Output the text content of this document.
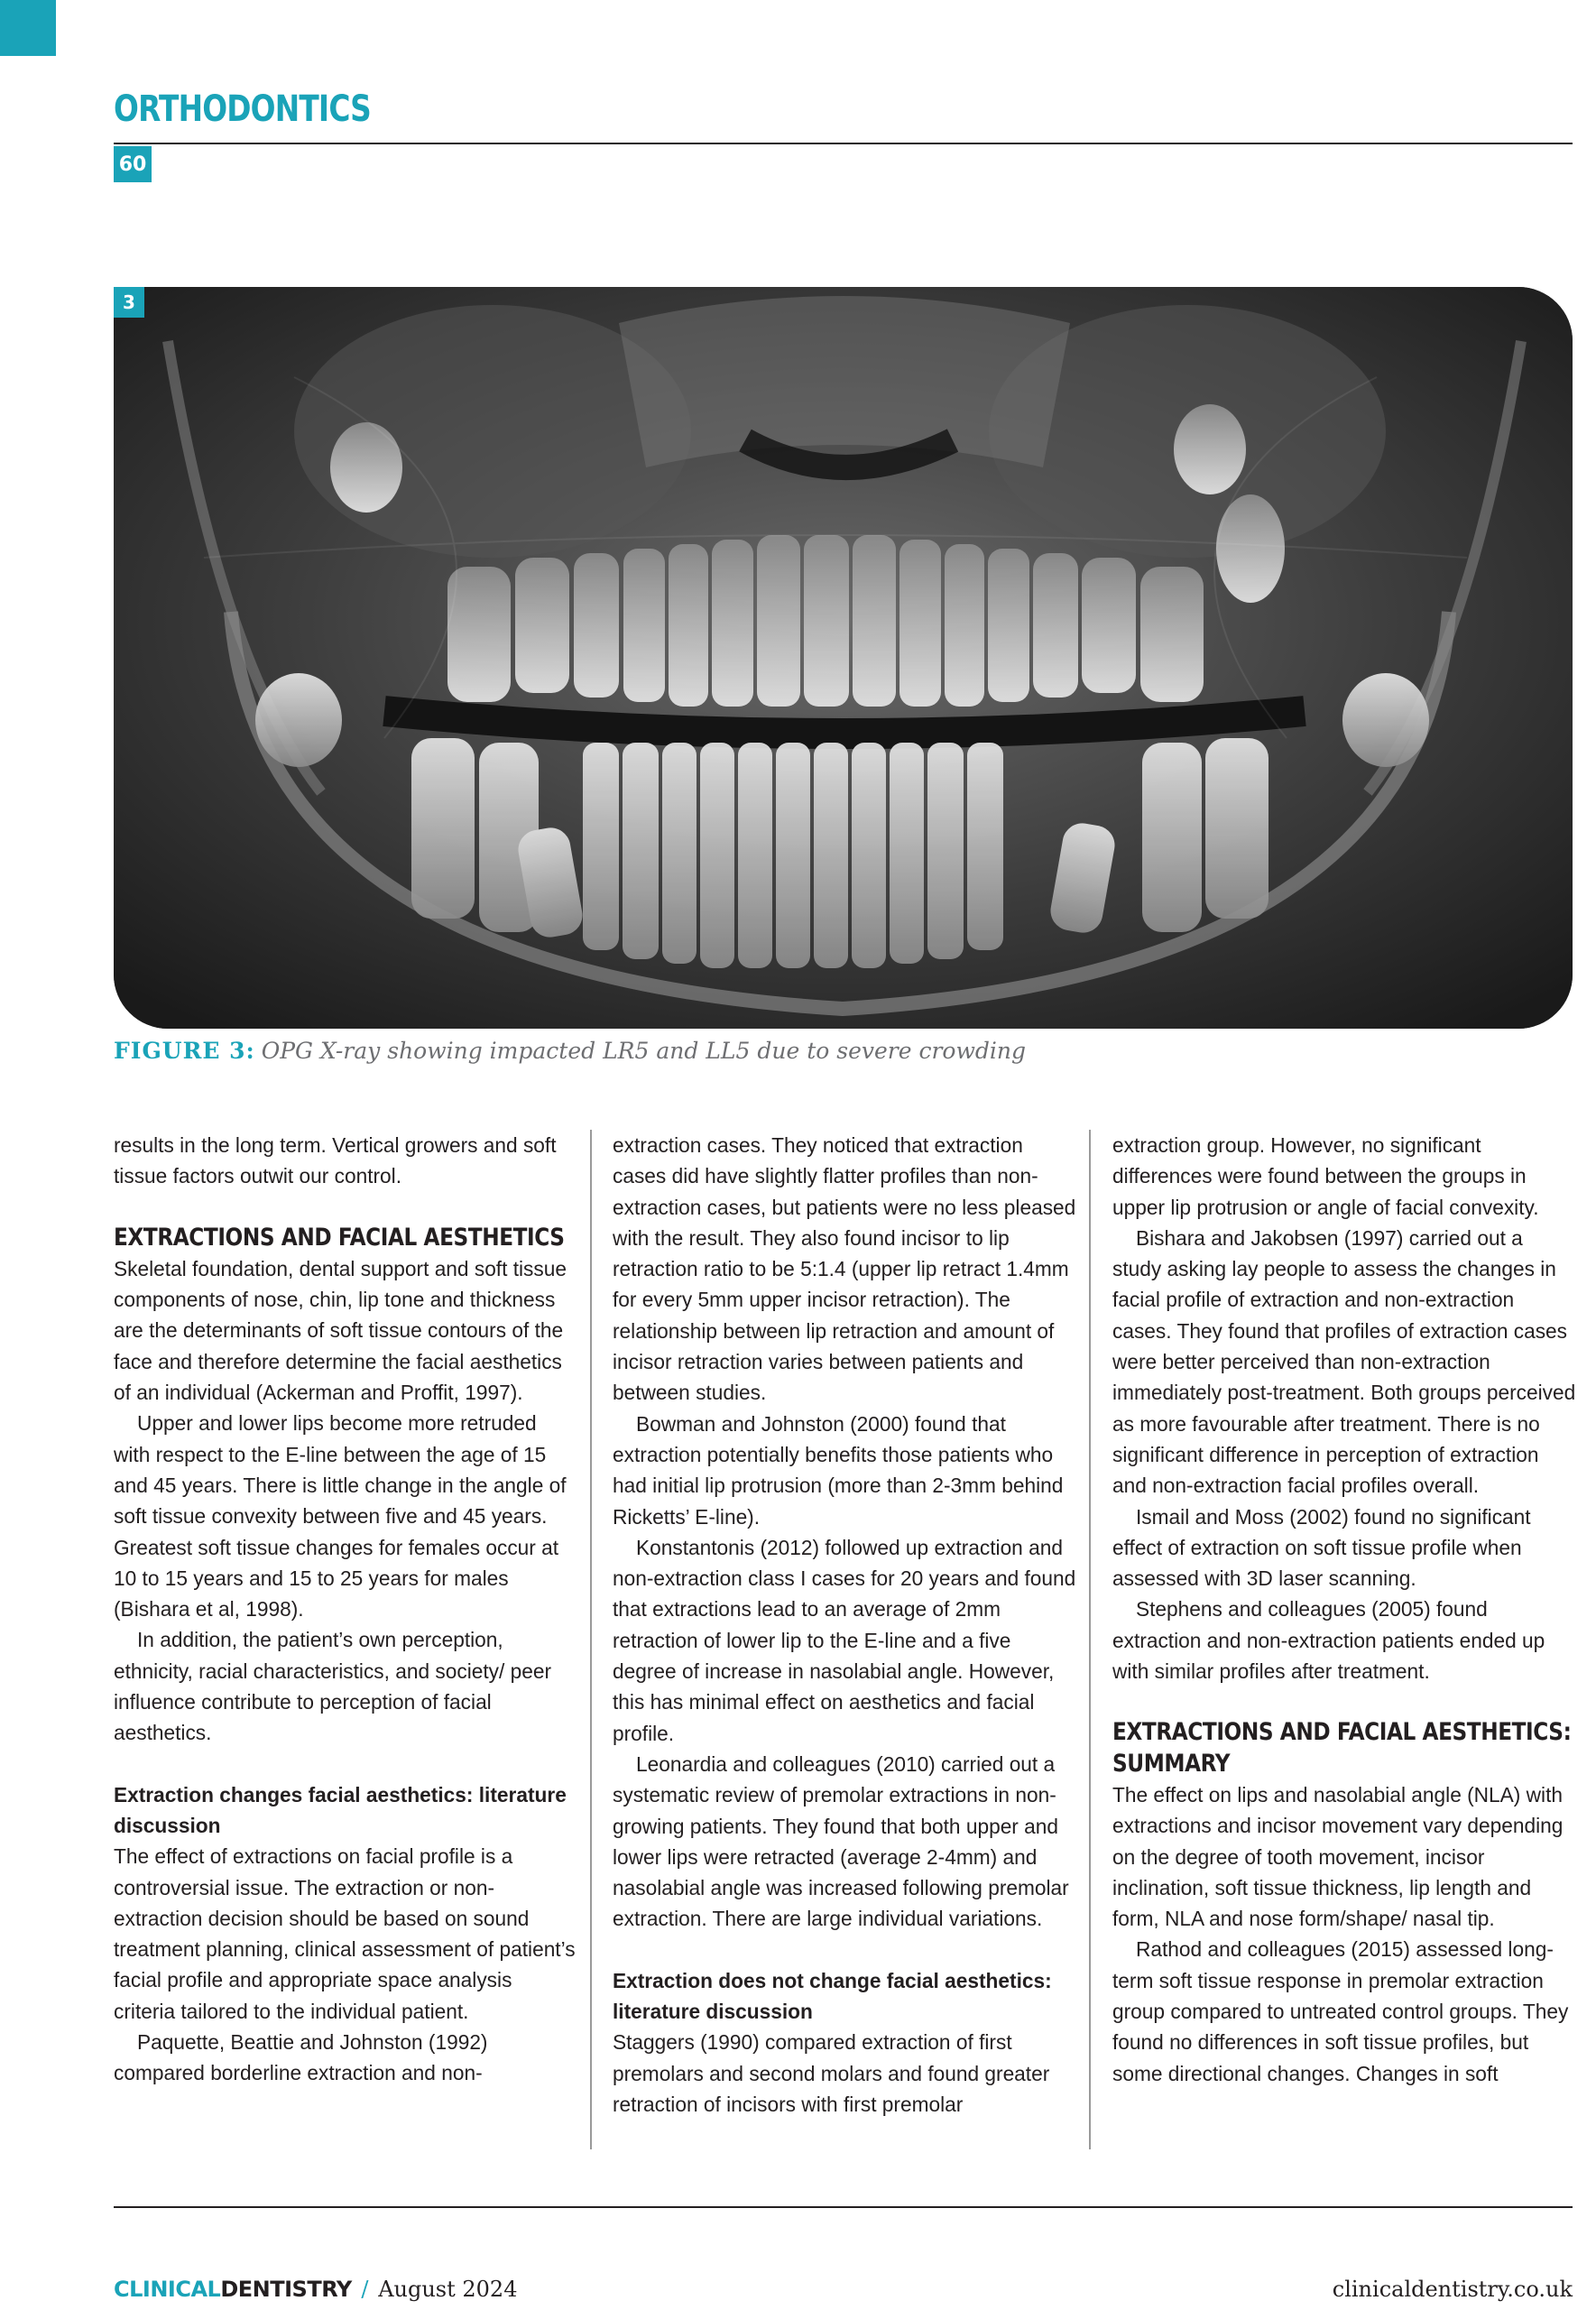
ORTHODONTICS
60
3
FIGURE 3: OPG X-ray showing impacted LR5 and LL5 due to severe crowding
results in the long term. Vertical growers and soft tissue factors outwit our control.
EXTRACTIONS AND FACIAL AESTHETICS
Skeletal foundation, dental support and soft tissue components of nose, chin, lip tone and thickness are the determinants of soft tissue contours of the face and therefore determine the facial aesthetics of an individual (Ackerman and Proffit, 1997).
Upper and lower lips become more retruded with respect to the E-line between the age of 15 and 45 years. There is little change in the angle of soft tissue convexity between five and 45 years. Greatest soft tissue changes for females occur at 10 to 15 years and 15 to 25 years for males (Bishara et al, 1998).
In addition, the patient’s own perception, ethnicity, racial characteristics, and society/ peer influence contribute to perception of facial aesthetics.
Extraction changes facial aesthetics: literature discussion
The effect of extractions on facial profile is a controversial issue. The extraction or non-extraction decision should be based on sound treatment planning, clinical assessment of patient’s facial profile and appropriate space analysis criteria tailored to the individual patient.
Paquette, Beattie and Johnston (1992) compared borderline extraction and non-
extraction cases. They noticed that extraction cases did have slightly flatter profiles than non-extraction cases, but patients were no less pleased with the result. They also found incisor to lip retraction ratio to be 5:1.4 (upper lip retract 1.4mm for every 5mm upper incisor retraction). The relationship between lip retraction and amount of incisor retraction varies between patients and between studies.
Bowman and Johnston (2000) found that extraction potentially benefits those patients who had initial lip protrusion (more than 2-3mm behind Ricketts’ E-line).
Konstantonis (2012) followed up extraction and non-extraction class I cases for 20 years and found that extractions lead to an average of 2mm retraction of lower lip to the E-line and a five degree of increase in nasolabial angle. However, this has minimal effect on aesthetics and facial profile.
Leonardia and colleagues (2010) carried out a systematic review of premolar extractions in non-growing patients. They found that both upper and lower lips were retracted (average 2-4mm) and nasolabial angle was increased following premolar extraction. There are large individual variations.
Extraction does not change facial aesthetics: literature discussion
Staggers (1990) compared extraction of first premolars and second molars and found greater retraction of incisors with first premolar
extraction group. However, no significant differences were found between the groups in upper lip protrusion or angle of facial convexity.
Bishara and Jakobsen (1997) carried out a study asking lay people to assess the changes in facial profile of extraction and non-extraction cases. They found that profiles of extraction cases were better perceived than non-extraction immediately post-treatment. Both groups perceived as more favourable after treatment. There is no significant difference in perception of extraction and non-extraction facial profiles overall.
Ismail and Moss (2002) found no significant effect of extraction on soft tissue profile when assessed with 3D laser scanning.
Stephens and colleagues (2005) found extraction and non-extraction patients ended up with similar profiles after treatment.
EXTRACTIONS AND FACIAL AESTHETICS: SUMMARY
The effect on lips and nasolabial angle (NLA) with extractions and incisor movement vary depending on the degree of tooth movement, incisor inclination, soft tissue thickness, lip length and form, NLA and nose form/shape/ nasal tip.
Rathod and colleagues (2015) assessed long-term soft tissue response in premolar extraction group compared to untreated control groups. They found no differences in soft tissue profiles, but some directional changes. Changes in soft
CLINICALDENTISTRY / August 2024	clinicaldentistry.co.uk
